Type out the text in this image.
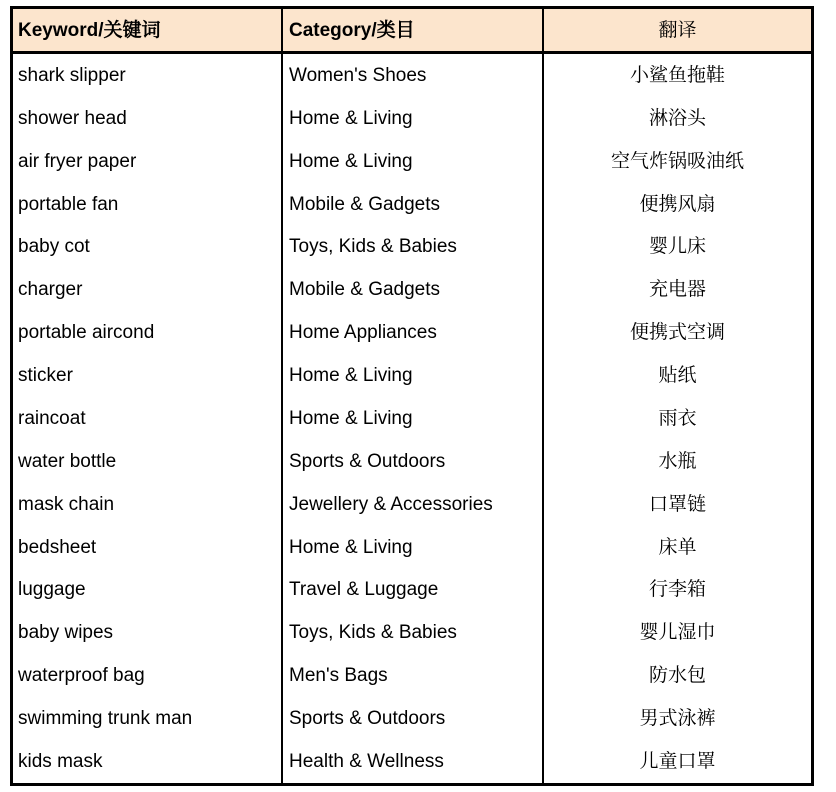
Keyword/关键词	Category/类目	翻译
shark slipper	Women's Shoes	小鲨鱼拖鞋
shower head	Home & Living	淋浴头
air fryer paper	Home & Living	空气炸锅吸油纸
portable fan	Mobile & Gadgets	便携风扇
baby cot	Toys, Kids & Babies	婴儿床
charger	Mobile & Gadgets	充电器
portable aircond	Home Appliances	便携式空调
sticker	Home & Living	贴纸
raincoat	Home & Living	雨衣
water bottle	Sports & Outdoors	水瓶
mask chain	Jewellery & Accessories	口罩链
bedsheet	Home & Living	床单
luggage	Travel & Luggage	行李箱
baby wipes	Toys, Kids & Babies	婴儿湿巾
waterproof bag	Men's Bags	防水包
swimming trunk man	Sports & Outdoors	男式泳裤
kids mask	Health & Wellness	儿童口罩
